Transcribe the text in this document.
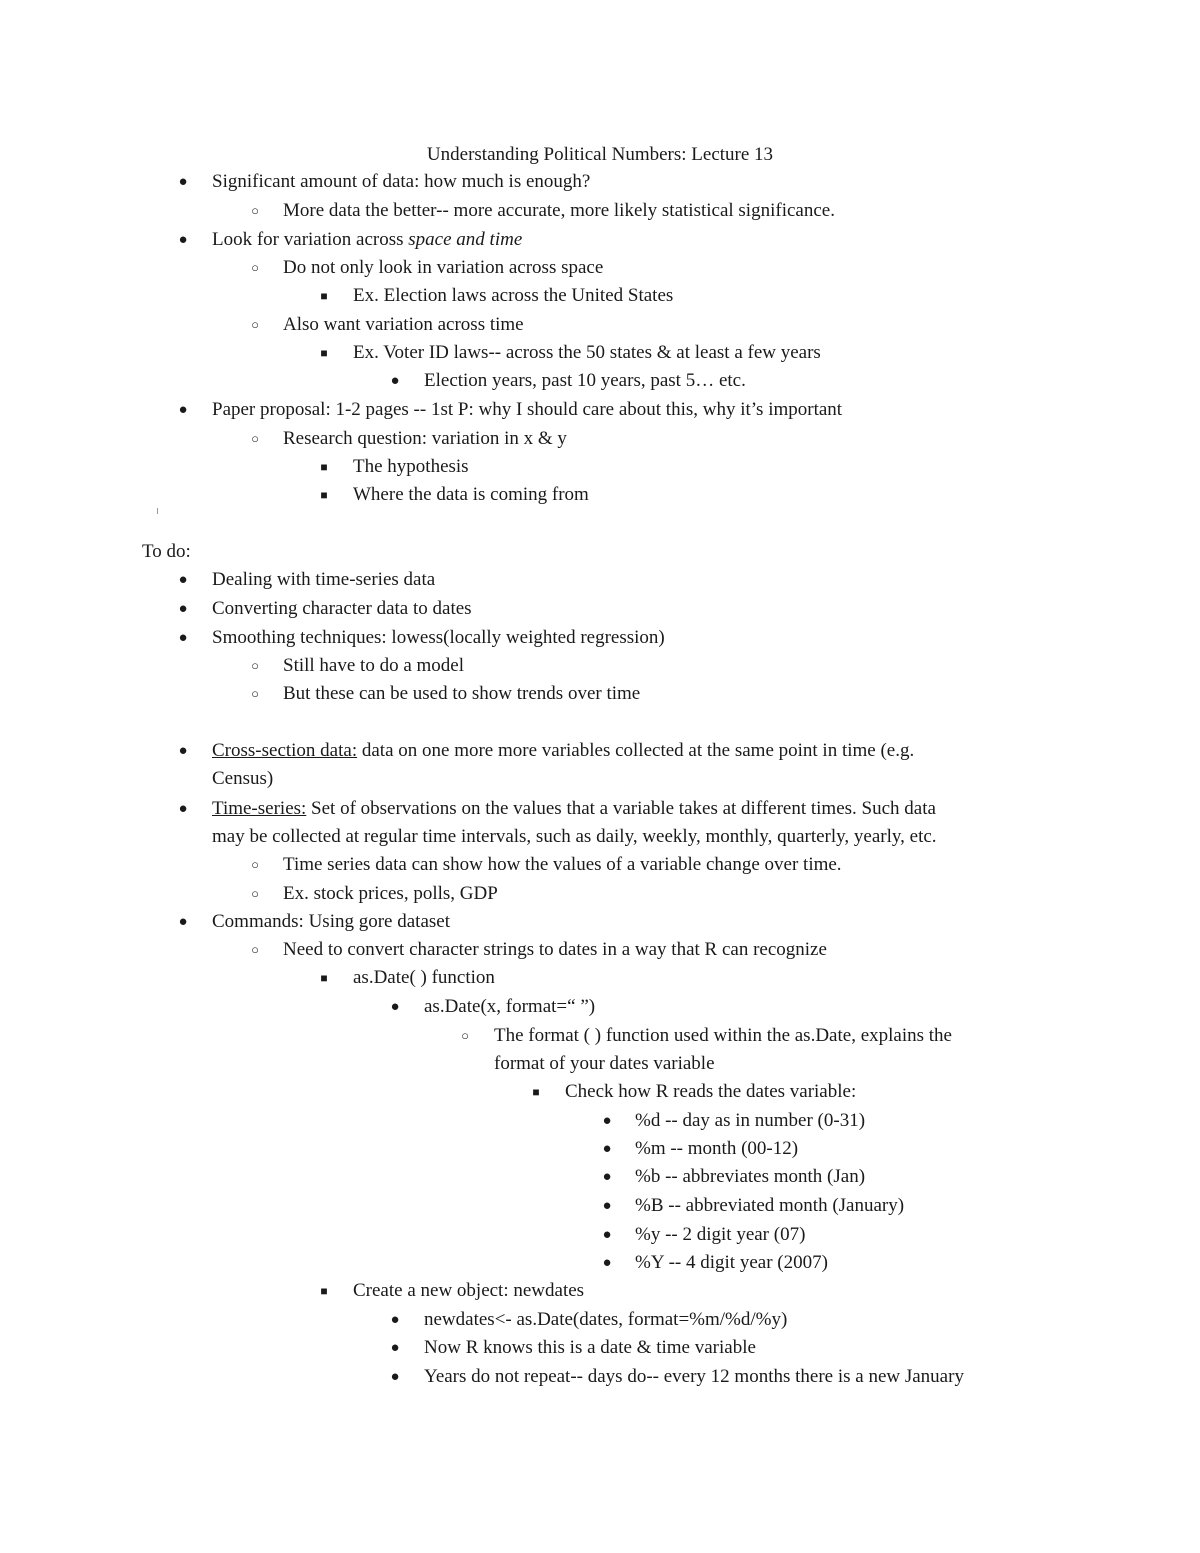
Understanding Political Numbers: Lecture 13
● Significant amount of data: how much is enough?
○ More data the better-- more accurate, more likely statistical significance.
● Look for variation across space and time
○ Do not only look in variation across space
■ Ex. Election laws across the United States
○ Also want variation across time
■ Ex. Voter ID laws-- across the 50 states & at least a few years
● Election years, past 10 years, past 5… etc.
● Paper proposal: 1-2 pages -- 1st P: why I should care about this, why it’s important
○ Research question: variation in x & y
■ The hypothesis
■ Where the data is coming from
To do:
● Dealing with time-series data
● Converting character data to dates
● Smoothing techniques: lowess(locally weighted regression)
○ Still have to do a model
○ But these can be used to show trends over time
● Cross-section data: data on one more more variables collected at the same point in time (e.g.
Census)
● Time-series: Set of observations on the values that a variable takes at different times. Such data
may be collected at regular time intervals, such as daily, weekly, monthly, quarterly, yearly, etc.
○ Time series data can show how the values of a variable change over time.
○ Ex. stock prices, polls, GDP
● Commands: Using gore dataset
○ Need to convert character strings to dates in a way that R can recognize
■ as.Date( ) function
● as.Date(x, format=“ ”)
○ The format ( ) function used within the as.Date, explains the
format of your dates variable
■ Check how R reads the dates variable:
● %d -- day as in number (0-31)
● %m -- month (00-12)
● %b -- abbreviates month (Jan)
● %B -- abbreviated month (January)
● %y -- 2 digit year (07)
● %Y -- 4 digit year (2007)
■ Create a new object: newdates
● newdates<- as.Date(dates, format=%m/%d/%y)
● Now R knows this is a date & time variable
● Years do not repeat-- days do-- every 12 months there is a new January
